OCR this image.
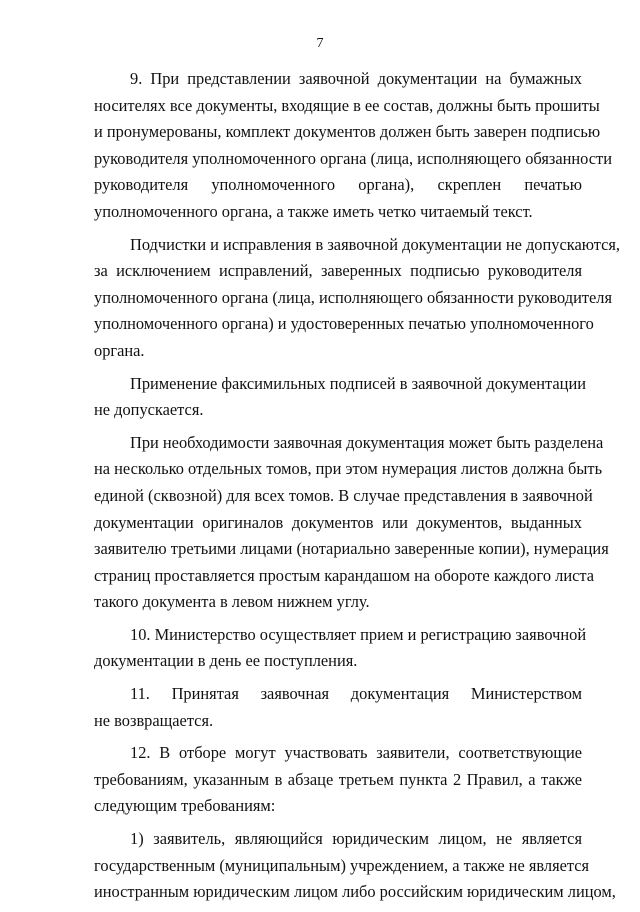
7
9. При представлении заявочной документации на бумажных
носителях все документы, входящие в ее состав, должны быть прошиты
и пронумерованы, комплект документов должен быть заверен подписью
руководителя уполномоченного органа (лица, исполняющего обязанности
руководителя уполномоченного органа), скреплен печатью
уполномоченного органа, а также иметь четко читаемый текст.
Подчистки и исправления в заявочной документации не допускаются,
за исключением исправлений, заверенных подписью руководителя
уполномоченного органа (лица, исполняющего обязанности руководителя
уполномоченного органа) и удостоверенных печатью уполномоченного
органа.
Применение факсимильных подписей в заявочной документации
не допускается.
При необходимости заявочная документация может быть разделена
на несколько отдельных томов, при этом нумерация листов должна быть
единой (сквозной) для всех томов. В случае представления в заявочной
документации оригиналов документов или документов, выданных
заявителю третьими лицами (нотариально заверенные копии), нумерация
страниц проставляется простым карандашом на обороте каждого листа
такого документа в левом нижнем углу.
10. Министерство осуществляет прием и регистрацию заявочной
документации в день ее поступления.
11. Принятая заявочная документация Министерством
не возвращается.
12. В отборе могут участвовать заявители, соответствующие
требованиям, указанным в абзаце третьем пункта 2 Правил, а также
следующим требованиям:
1) заявитель, являющийся юридическим лицом, не является
государственным (муниципальным) учреждением, а также не является
иностранным юридическим лицом либо российским юридическим лицом,
